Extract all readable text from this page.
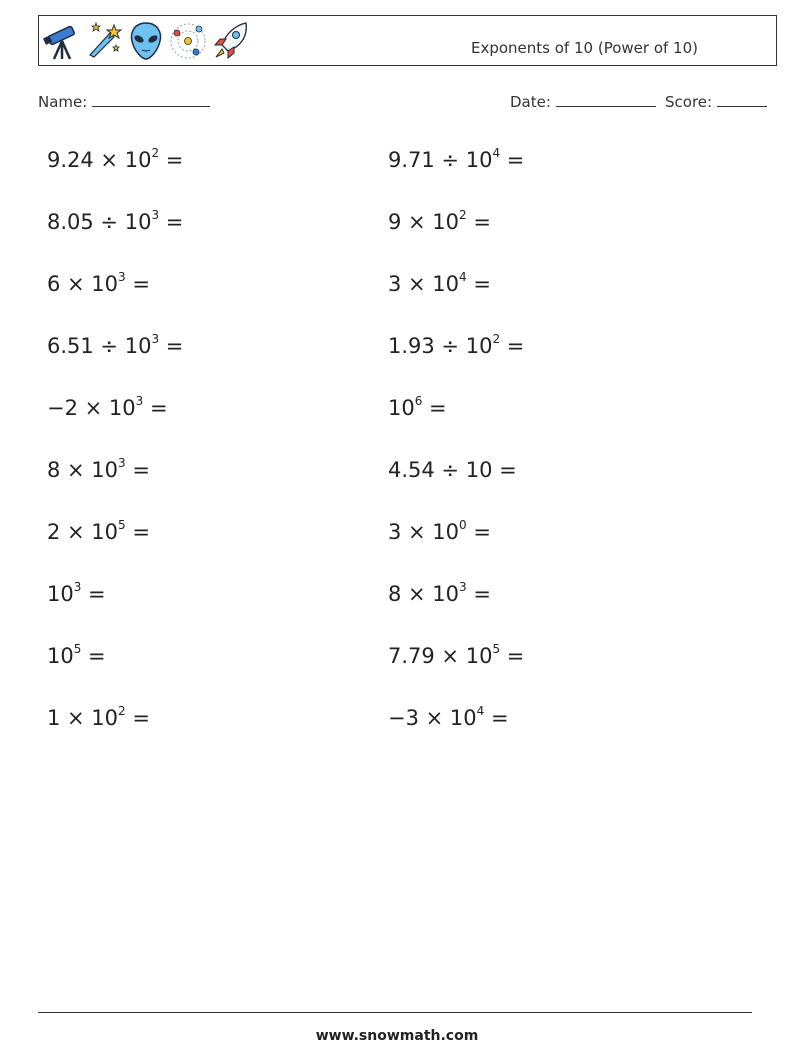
Exponents of 10 (Power of 10)
Name:	Date:	Score:
$9.24 \times 10^2$ =
$8.05 \div 10^3$ =
$6 \times 10^3$ =
$6.51 \div 10^3$ =
$-2 \times 10^3$ =
$8 \times 10^3$ =
$2 \times 10^5$ =
$10^3$ =
$10^5$ =
$1 \times 10^2$ =
$9.71 \div 10^4$ =
$9 \times 10^2$ =
$3 \times 10^4$ =
$1.93 \div 10^2$ =
$10^6$ =
4.54 ÷ 10 =
$3 \times 10^0$ =
$8 \times 10^3$ =
$7.79 \times 10^5$ =
$-3 \times 10^4$ =
www.snowmath.com
